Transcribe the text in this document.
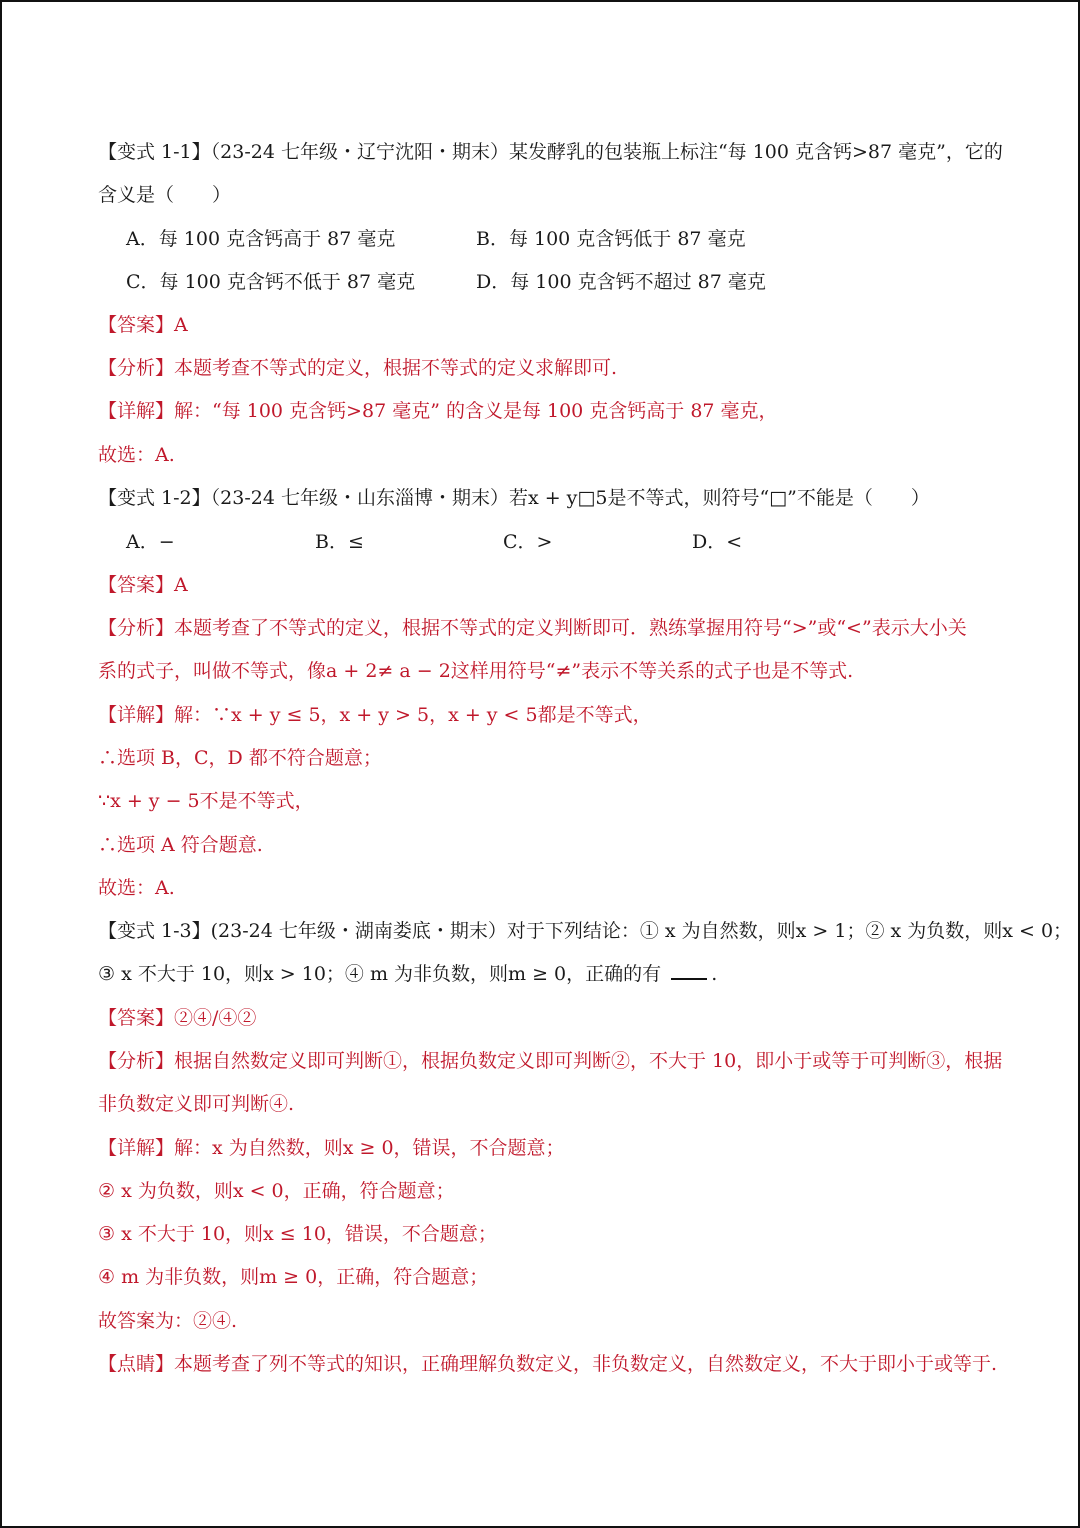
【变式 1-1】（23-24 七年级・辽宁沈阳・期末）某发酵乳的包装瓶上标注“每 100 克含钙>87 毫克”，它的
含义是（　　）
A．每 100 克含钙高于 87 毫克	B．每 100 克含钙低于 87 毫克
C．每 100 克含钙不低于 87 毫克	D．每 100 克含钙不超过 87 毫克
【答案】A
【分析】本题考查不等式的定义，根据不等式的定义求解即可.
【详解】解：“每 100 克含钙>87 毫克” 的含义是每 100 克含钙高于 87 毫克，
故选：A.
【变式 1-2】（23-24 七年级・山东淄博・期末）若x + y□5是不等式，则符号“□”不能是（　　）
A．−	B．≤	C．>	D．<
【答案】A
【分析】本题考查了不等式的定义，根据不等式的定义判断即可．熟练掌握用符号“>”或“<”表示大小关
系的式子，叫做不等式，像a + 2≠ a − 2这样用符号“≠”表示不等关系的式子也是不等式.
【详解】解：∵x + y ≤ 5，x + y > 5，x + y < 5都是不等式，
∴选项 B，C，D 都不符合题意；
∵x + y − 5不是不等式，
∴选项 A 符合题意.
故选：A.
【变式 1-3】(23-24 七年级・湖南娄底・期末）对于下列结论：① x 为自然数，则x > 1；② x 为负数，则x < 0；
③ x 不大于 10，则x > 10；④ m 为非负数，则m ≥ 0，正确的有	.
【答案】②④/④②
【分析】根据自然数定义即可判断①，根据负数定义即可判断②，不大于 10，即小于或等于可判断③，根据
非负数定义即可判断④.
【详解】解：x 为自然数，则x ≥ 0，错误，不合题意；
② x 为负数，则x < 0，正确，符合题意；
③ x 不大于 10，则x ≤ 10，错误，不合题意；
④ m 为非负数，则m ≥ 0，正确，符合题意；
故答案为：②④.
【点睛】本题考查了列不等式的知识，正确理解负数定义，非负数定义，自然数定义，不大于即小于或等于.
